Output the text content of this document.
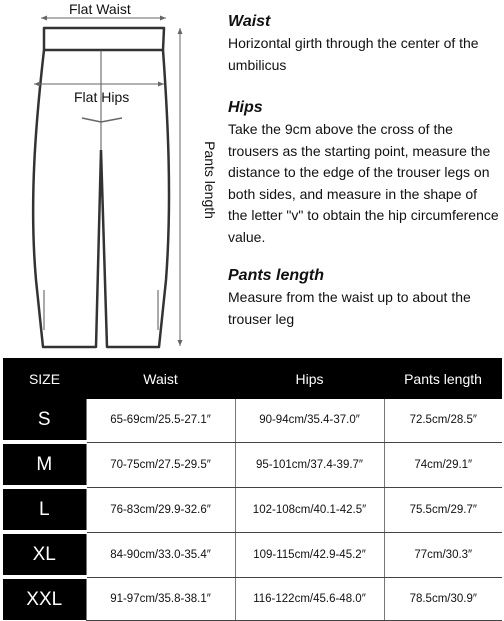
Flat Waist
Flat Hips
Pants length
Waist

Horizontal girth through the center of the umbilicus

Hips

Take the 9cm above the cross of the trousers as the starting point, measure the distance to the edge of the trouser legs on both sides, and measure in the shape of the letter "v" to obtain the hip circumference value.

Pants length

Measure from the waist up to about the trouser leg

SIZE	Waist	Hips	Pants length
S	65-69cm/25.5-27.1″	90-94cm/35.4-37.0″	72.5cm/28.5″
M	70-75cm/27.5-29.5″	95-101cm/37.4-39.7″	74cm/29.1″
L	76-83cm/29.9-32.6″	102-108cm/40.1-42.5″	75.5cm/29.7″
XL	84-90cm/33.0-35.4″	109-115cm/42.9-45.2″	77cm/30.3″
XXL	91-97cm/35.8-38.1″	116-122cm/45.6-48.0″	78.5cm/30.9″
